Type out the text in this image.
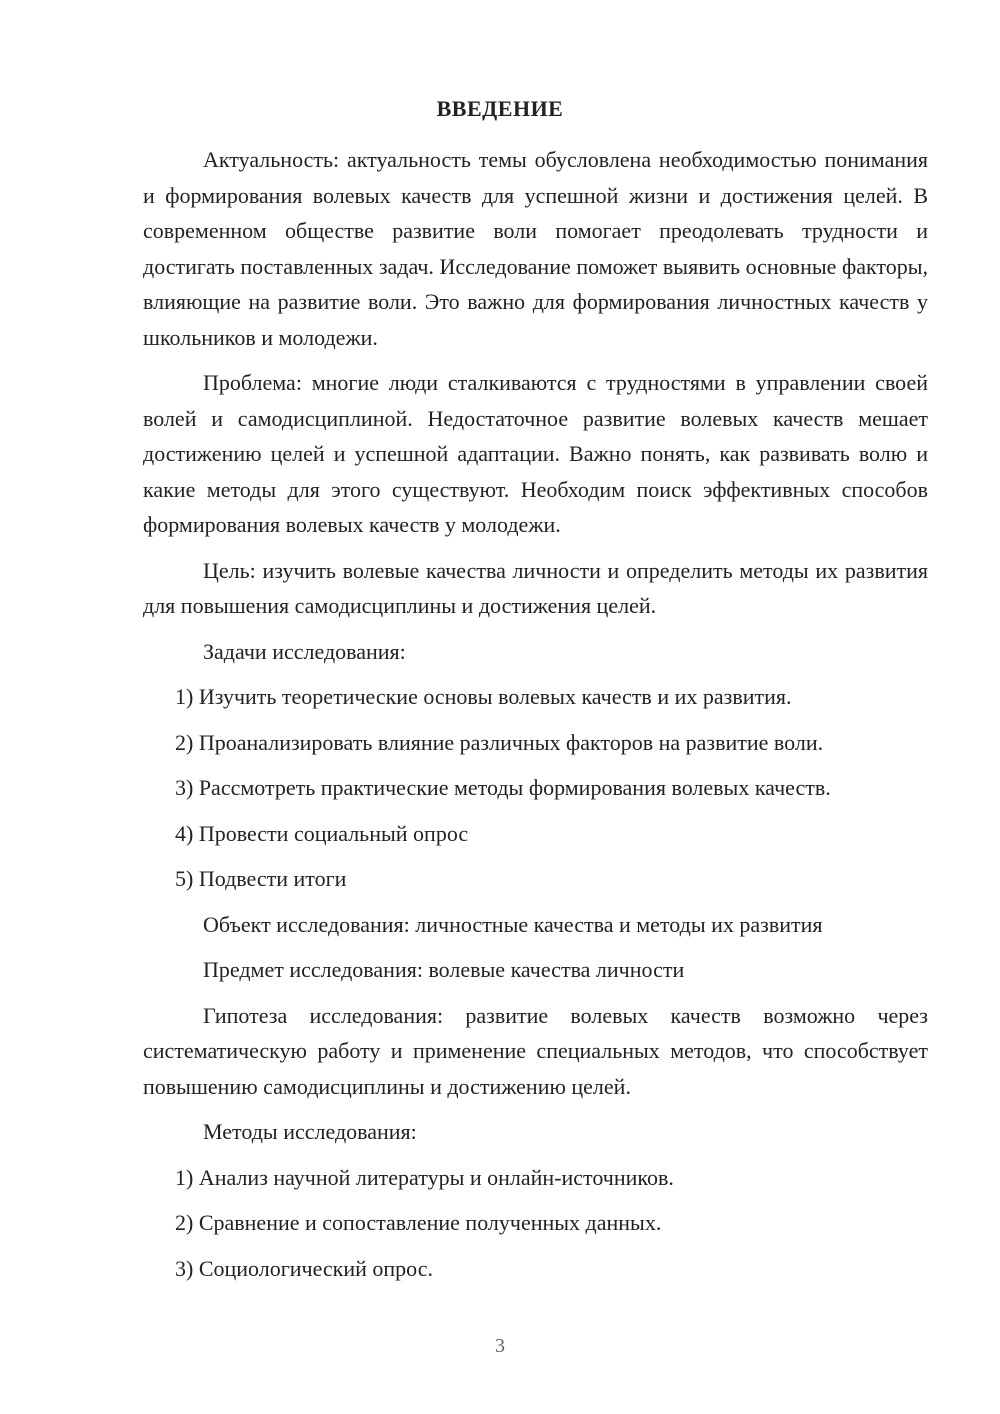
ВВЕДЕНИЕ

Актуальность: актуальность темы обусловлена необходимостью понимания и формирования волевых качеств для успешной жизни и достижения целей. В современном обществе развитие воли помогает преодолевать трудности и достигать поставленных задач. Исследование поможет выявить основные факторы, влияющие на развитие воли. Это важно для формирования личностных качеств у школьников и молодежи.

Проблема: многие люди сталкиваются с трудностями в управлении своей волей и самодисциплиной. Недостаточное развитие волевых качеств мешает достижению целей и успешной адаптации. Важно понять, как развивать волю и какие методы для этого существуют. Необходим поиск эффективных способов формирования волевых качеств у молодежи.

Цель: изучить волевые качества личности и определить методы их развития для повышения самодисциплины и достижения целей.

Задачи исследования:
1) Изучить теоретические основы волевых качеств и их развития.
2) Проанализировать влияние различных факторов на развитие воли.
3) Рассмотреть практические методы формирования волевых качеств.
4) Провести социальный опрос
5) Подвести итоги
Объект исследования: личностные качества и методы их развития
Предмет исследования: волевые качества личности

Гипотеза исследования: развитие волевых качеств возможно через систематическую работу и применение специальных методов, что способствует повышению самодисциплины и достижению целей.

Методы исследования:
1) Анализ научной литературы и онлайн-источников.
2) Сравнение и сопоставление полученных данных.
3) Социологический опрос.
3
